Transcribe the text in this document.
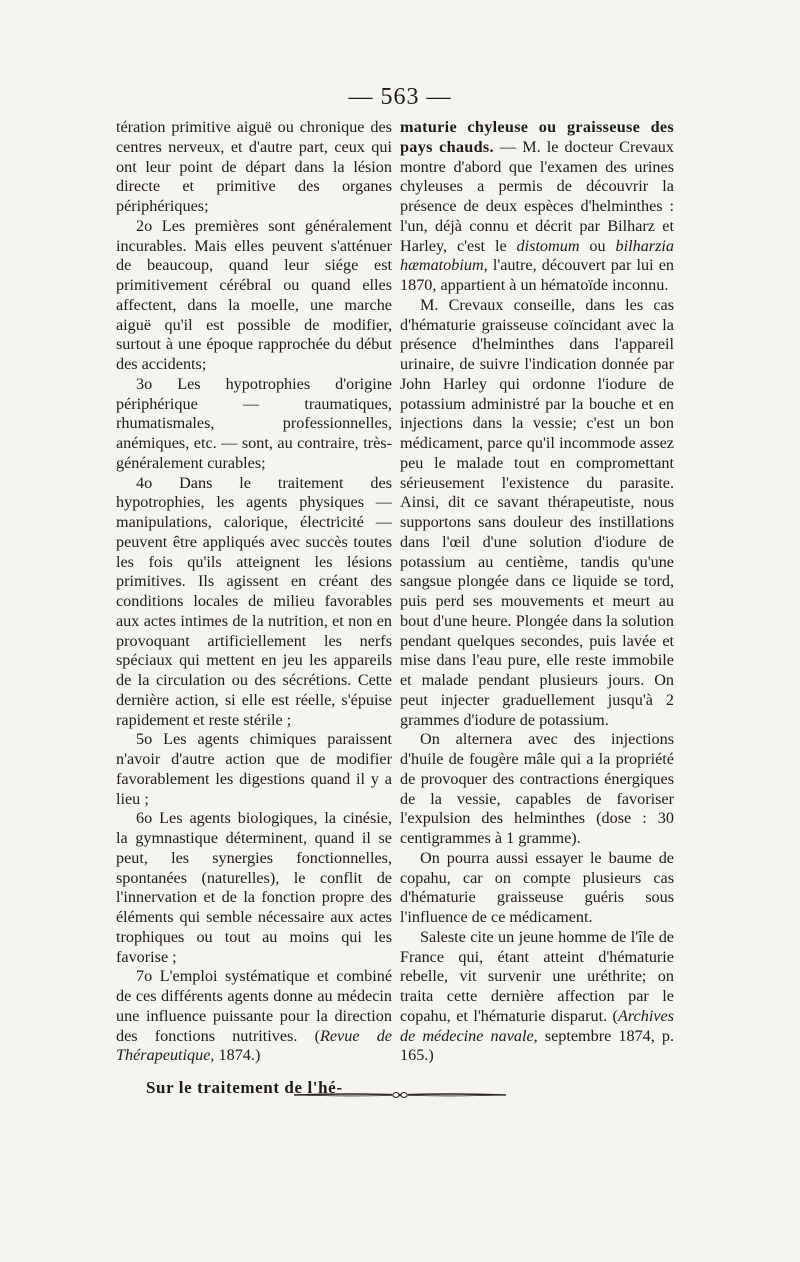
— 563 —

tération primitive aiguë ou chronique des centres nerveux, et d'autre part, ceux qui ont leur point de départ dans la lésion directe et primitive des organes périphériques;

2o Les premières sont généralement incurables. Mais elles peuvent s'atténuer de beaucoup, quand leur siége est primitivement cérébral ou quand elles affectent, dans la moelle, une marche aiguë qu'il est possible de modifier, surtout à une époque rapprochée du début des accidents;

3o Les hypotrophies d'origine périphérique — traumatiques, rhumatismales, professionnelles, anémiques, etc. — sont, au contraire, très-généralement curables;

4o Dans le traitement des hypotrophies, les agents physiques — manipulations, calorique, électricité — peuvent être appliqués avec succès toutes les fois qu'ils atteignent les lésions primitives. Ils agissent en créant des conditions locales de milieu favorables aux actes intimes de la nutrition, et non en provoquant artificiellement les nerfs spéciaux qui mettent en jeu les appareils de la circulation ou des sécrétions. Cette dernière action, si elle est réelle, s'épuise rapidement et reste stérile ;

5o Les agents chimiques paraissent n'avoir d'autre action que de modifier favorablement les digestions quand il y a lieu ;

6o Les agents biologiques, la cinésie, la gymnastique déterminent, quand il se peut, les synergies fonctionnelles, spontanées (naturelles), le conflit de l'innervation et de la fonction propre des éléments qui semble nécessaire aux actes trophiques ou tout au moins qui les favorise ;

7o L'emploi systématique et combiné de ces différents agents donne au médecin une influence puissante pour la direction des fonctions nutritives. (Revue de Thérapeutique, 1874.)

Sur le traitement de l'hé-

maturie chyleuse ou graisseuse des pays chauds. — M. le docteur Crevaux montre d'abord que l'examen des urines chyleuses a permis de découvrir la présence de deux espèces d'helminthes : l'un, déjà connu et décrit par Bilharz et Harley, c'est le distomum ou bilharzia hæmatobium, l'autre, découvert par lui en 1870, appartient à un hématoïde inconnu.

M. Crevaux conseille, dans les cas d'hématurie graisseuse coïncidant avec la présence d'helminthes dans l'appareil urinaire, de suivre l'indication donnée par John Harley qui ordonne l'iodure de potassium administré par la bouche et en injections dans la vessie; c'est un bon médicament, parce qu'il incommode assez peu le malade tout en compromettant sérieusement l'existence du parasite. Ainsi, dit ce savant thérapeutiste, nous supportons sans douleur des instillations dans l'œil d'une solution d'iodure de potassium au centième, tandis qu'une sangsue plongée dans ce liquide se tord, puis perd ses mouvements et meurt au bout d'une heure. Plongée dans la solution pendant quelques secondes, puis lavée et mise dans l'eau pure, elle reste immobile et malade pendant plusieurs jours. On peut injecter graduellement jusqu'à 2 grammes d'iodure de potassium.

On alternera avec des injections d'huile de fougère mâle qui a la propriété de provoquer des contractions énergiques de la vessie, capables de favoriser l'expulsion des helminthes (dose : 30 centigrammes à 1 gramme).

On pourra aussi essayer le baume de copahu, car on compte plusieurs cas d'hématurie graisseuse guéris sous l'influence de ce médicament.

Saleste cite un jeune homme de l'île de France qui, étant atteint d'hématurie rebelle, vit survenir une uréthrite; on traita cette dernière affection par le copahu, et l'hématurie disparut. (Archives de médecine navale, septembre 1874, p. 165.)
